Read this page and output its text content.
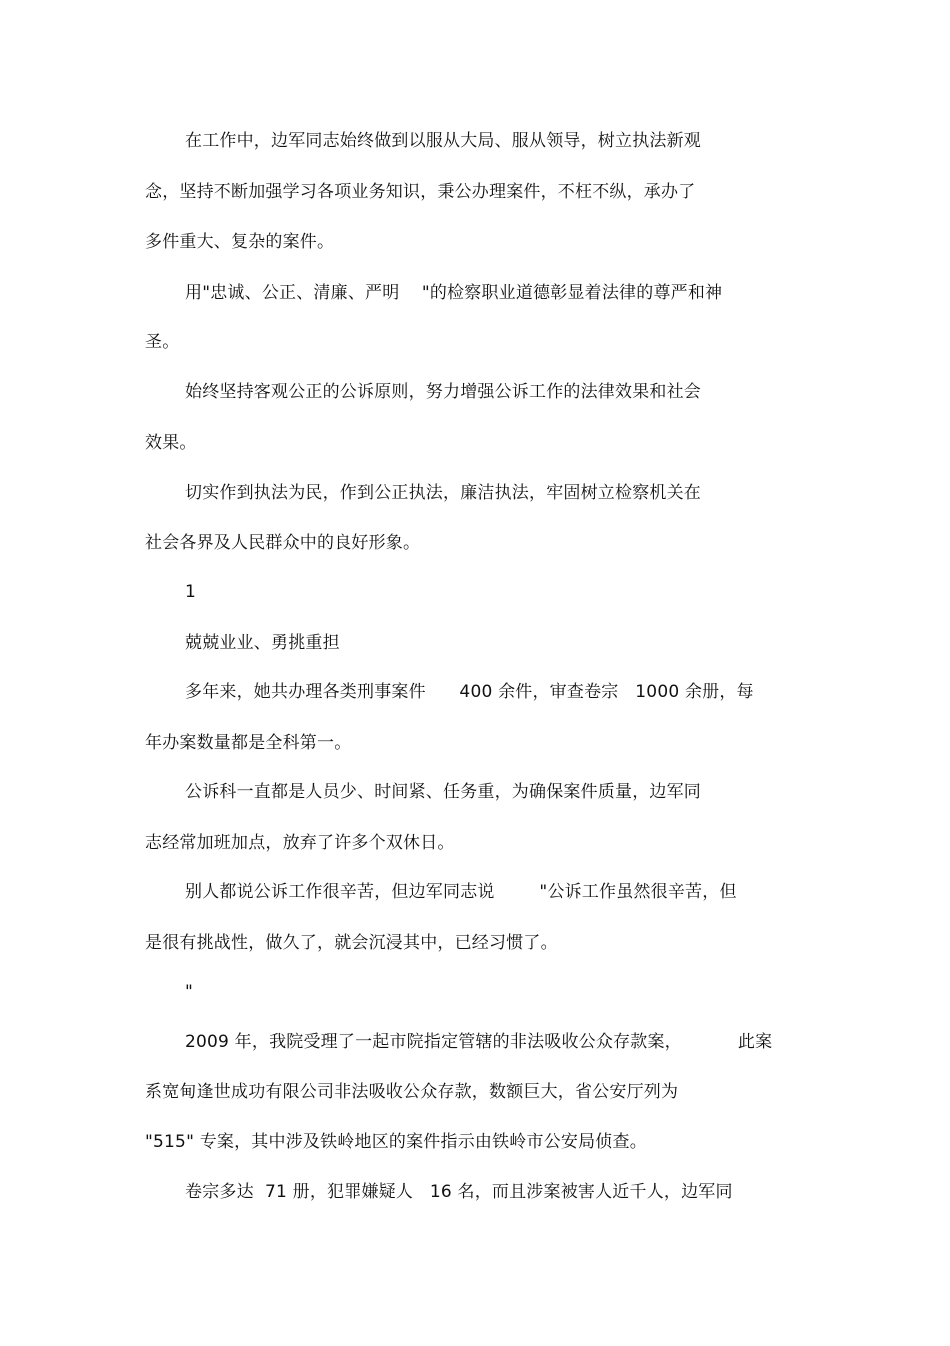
在工作中，边军同志始终做到以服从大局、服从领导，树立执法新观
念，坚持不断加强学习各项业务知识，秉公办理案件，不枉不纵，承办了
多件重大、复杂的案件。
用"忠诚、公正、清廉、严明    "的检察职业道德彰显着法律的尊严和神
圣。
始终坚持客观公正的公诉原则，努力增强公诉工作的法律效果和社会
效果。
切实作到执法为民，作到公正执法，廉洁执法，牢固树立检察机关在
社会各界及人民群众中的良好形象。
1
兢兢业业、勇挑重担
多年来，她共办理各类刑事案件      400 余件，审查卷宗   1000 余册，每
年办案数量都是全科第一。
公诉科一直都是人员少、时间紧、任务重，为确保案件质量，边军同
志经常加班加点，放弃了许多个双休日。
别人都说公诉工作很辛苦，但边军同志说        "公诉工作虽然很辛苦，但
是很有挑战性，做久了，就会沉浸其中，已经习惯了。
"
2009 年，我院受理了一起市院指定管辖的非法吸收公众存款案，          此案
系宽甸逢世成功有限公司非法吸收公众存款，数额巨大，省公安厅列为
"515" 专案，其中涉及铁岭地区的案件指示由铁岭市公安局侦查。
卷宗多达  71 册，犯罪嫌疑人   16 名，而且涉案被害人近千人，边军同
